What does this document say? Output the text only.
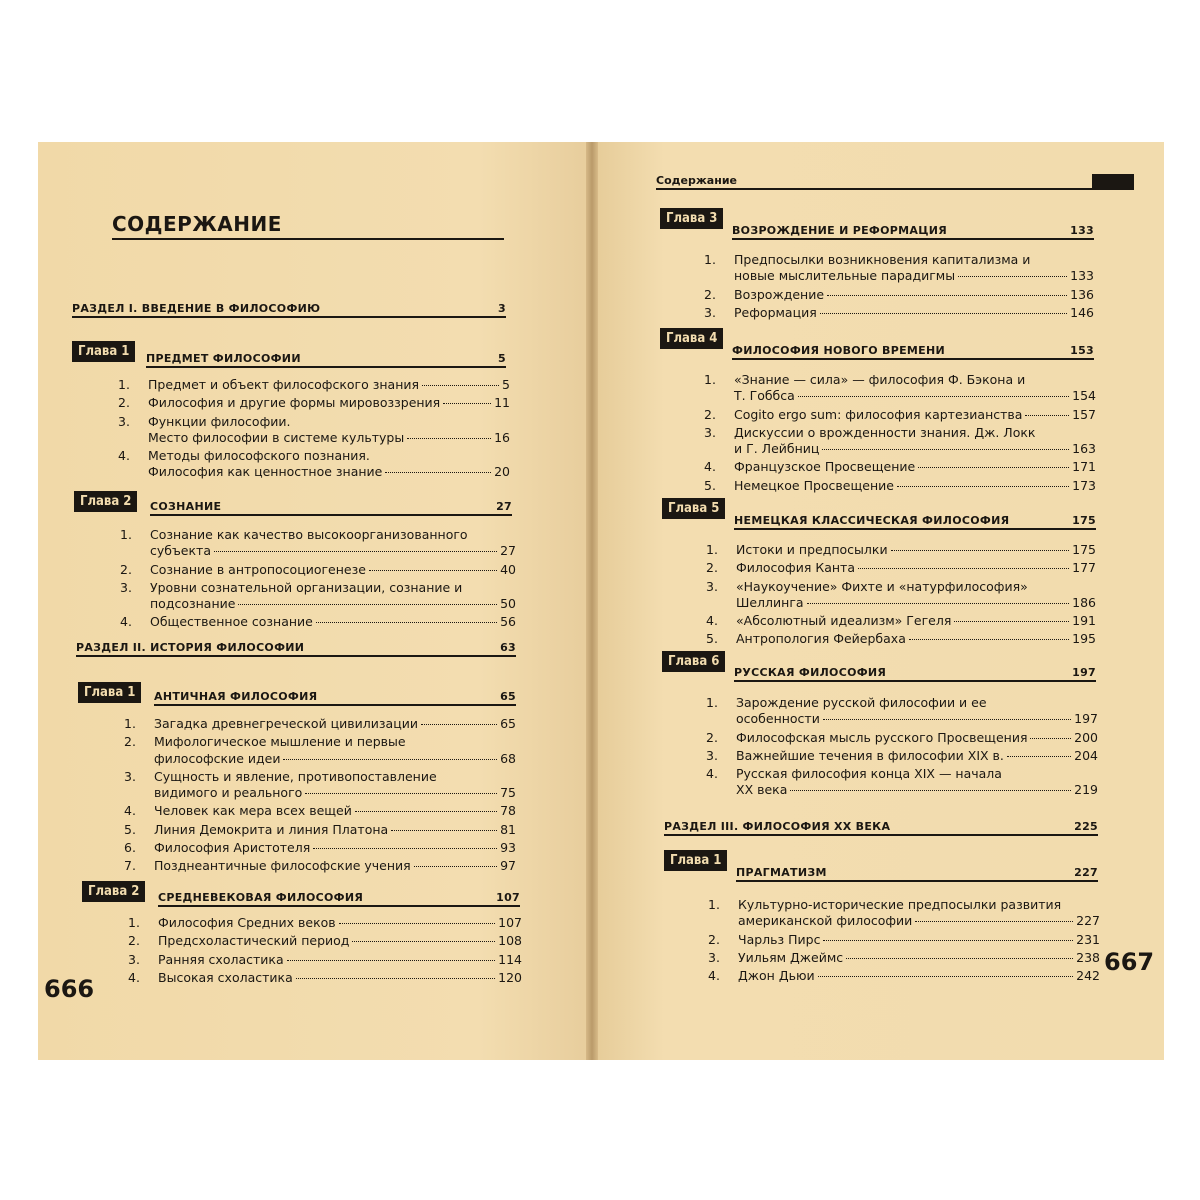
СОДЕРЖАНИЕ
РАЗДЕЛ I. ВВЕДЕНИЕ В ФИЛОСОФИЮ	3
Глава 1	ПРЕДМЕТ ФИЛОСОФИИ	5
1. Предмет и объект философского знания	5
2. Философия и другие формы мировоззрения	11
3. Функции философии.
Место философии в системе культуры	16
4. Методы философского познания.
Философия как ценностное знание	20
Глава 2	СОЗНАНИЕ	27
1. Сознание как качество высокоорганизованного
субъекта	27
2. Сознание в антропосоциогенезе	40
3. Уровни сознательной организации, сознание и
подсознание	50
4. Общественное сознание	56
РАЗДЕЛ II. ИСТОРИЯ ФИЛОСОФИИ	63
Глава 1	АНТИЧНАЯ ФИЛОСОФИЯ	65
1. Загадка древнегреческой цивилизации	65
2. Мифологическое мышление и первые
философские идеи	68
3. Сущность и явление, противопоставление
видимого и реального	75
4. Человек как мера всех вещей	78
5. Линия Демокрита и линия Платона	81
6. Философия Аристотеля	93
7. Позднеантичные философские учения	97
Глава 2	СРЕДНЕВЕКОВАЯ ФИЛОСОФИЯ	107
1. Философия Средних веков	107
2. Предсхоластический период	108
3. Ранняя схоластика	114
4. Высокая схоластика	120
666
Содержание
Глава 3
ВОЗРОЖДЕНИЕ И РЕФОРМАЦИЯ	133
1. Предпосылки возникновения капитализма и
новые мыслительные парадигмы	133
2. Возрождение	136
3. Реформация	146
Глава 4
ФИЛОСОФИЯ НОВОГО ВРЕМЕНИ	153
1. «Знание — сила» — философия Ф. Бэкона и
Т. Гоббса	154
2. Cogito ergo sum: философия картезианства	157
3. Дискуссии о врожденности знания. Дж. Локк
и Г. Лейбниц	163
4. Французское Просвещение	171
5. Немецкое Просвещение	173
Глава 5
НЕМЕЦКАЯ КЛАССИЧЕСКАЯ ФИЛОСОФИЯ	175
1. Истоки и предпосылки	175
2. Философия Канта	177
3. «Наукоучение» Фихте и «натурфилософия»
Шеллинга	186
4. «Абсолютный идеализм» Гегеля	191
5. Антропология Фейербаха	195
Глава 6
РУССКАЯ ФИЛОСОФИЯ	197
1. Зарождение русской философии и ее
особенности	197
2. Философская мысль русского Просвещения	200
3. Важнейшие течения в философии XIX в.	204
4. Русская философия конца XIX — начала
XX века	219
РАЗДЕЛ III. ФИЛОСОФИЯ XX ВЕКА	225
Глава 1
ПРАГМАТИЗМ	227
1. Культурно-исторические предпосылки развития
американской философии	227
2. Чарльз Пирс	231
3. Уильям Джеймс	238
4. Джон Дьюи	242 667
